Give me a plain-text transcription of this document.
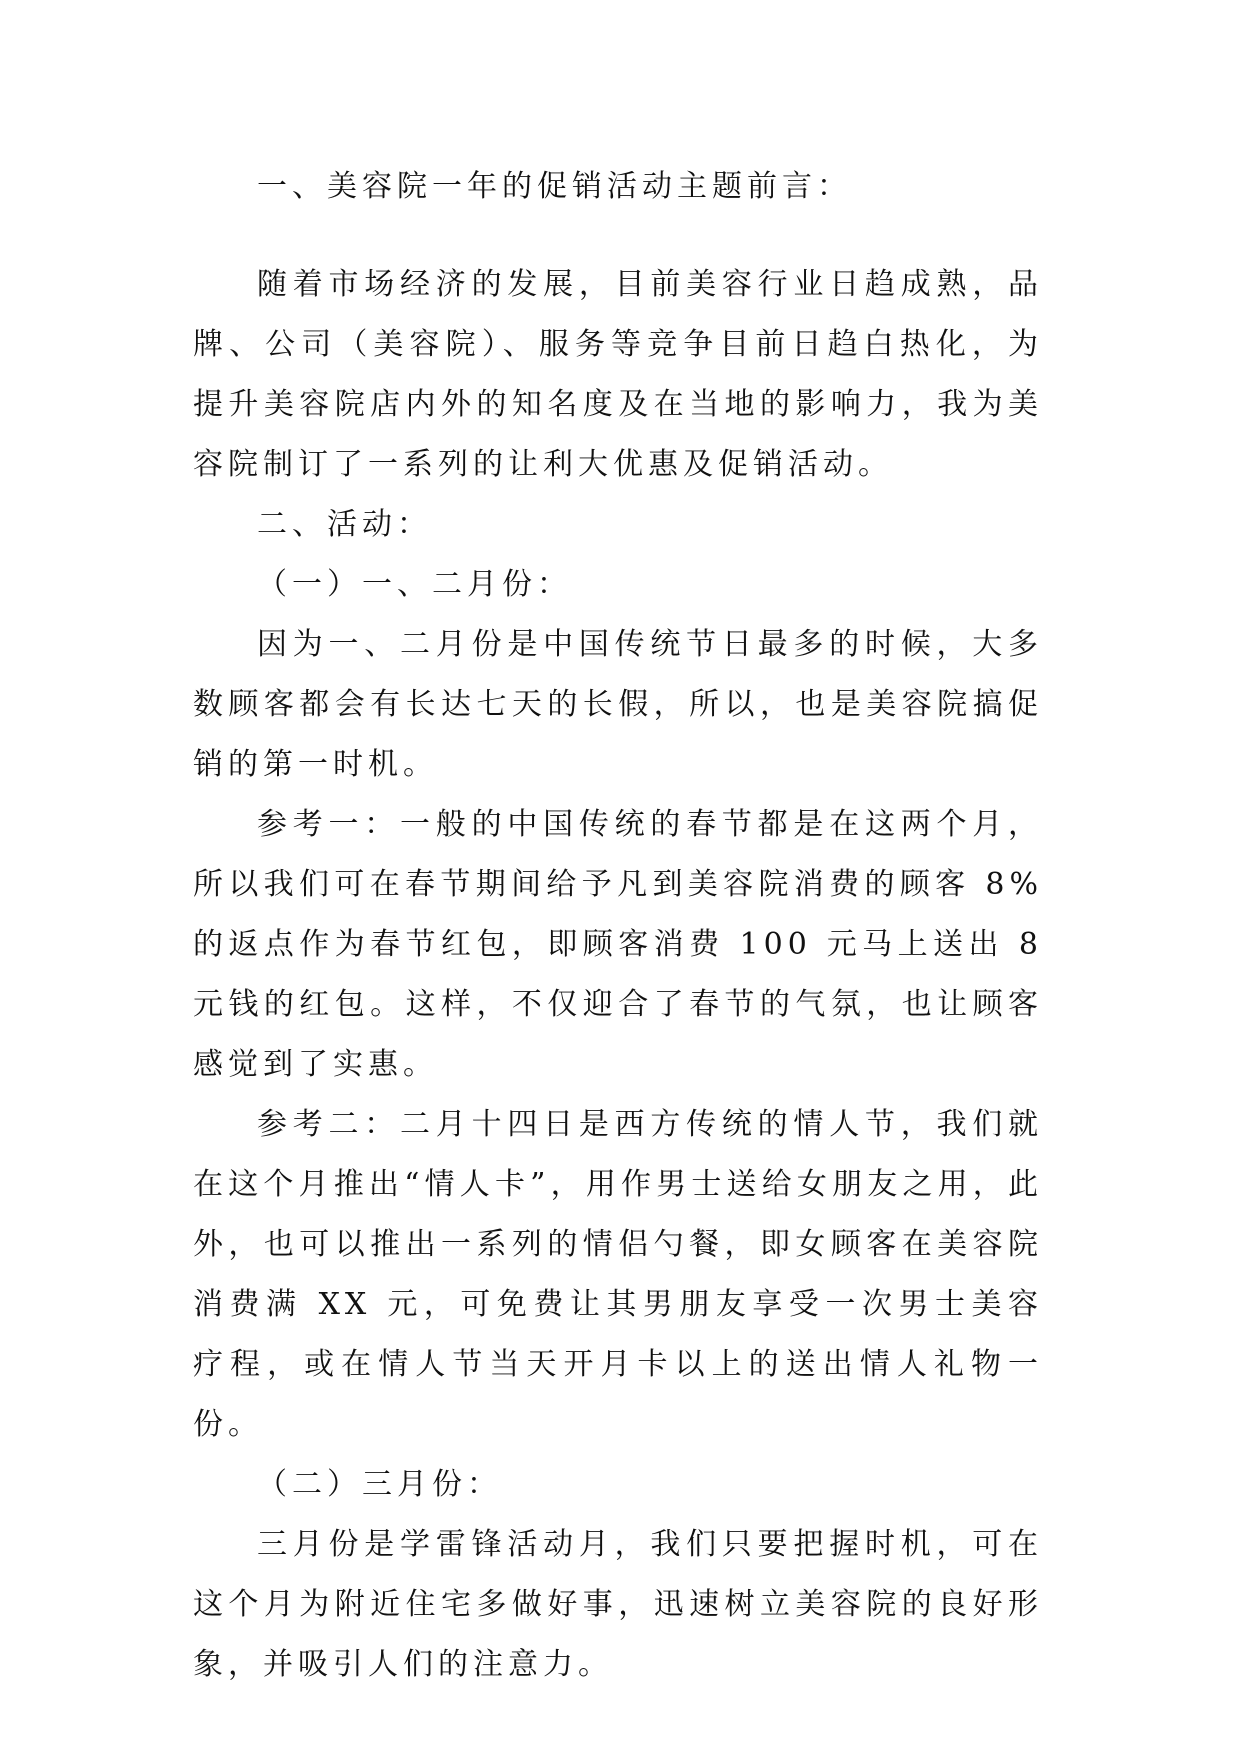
一、美容院一年的促销活动主题前言：

随着市场经济的发展，目前美容行业日趋成熟，品牌、公司（美容院）、服务等竞争目前日趋白热化，为提升美容院店内外的知名度及在当地的影响力，我为美容院制订了一系列的让利大优惠及促销活动。

二、活动：

（一）一、二月份：

因为一、二月份是中国传统节日最多的时候，大多数顾客都会有长达七天的长假，所以，也是美容院搞促销的第一时机。

参考一：一般的中国传统的春节都是在这两个月，所以我们可在春节期间给予凡到美容院消费的顾客 8%的返点作为春节红包，即顾客消费 100 元马上送出 8 元钱的红包。这样，不仅迎合了春节的气氛，也让顾客感觉到了实惠。

参考二：二月十四日是西方传统的情人节，我们就在这个月推出“情人卡”，用作男士送给女朋友之用，此外，也可以推出一系列的情侣勺餐，即女顾客在美容院消费满 XX 元，可免费让其男朋友享受一次男士美容疗程，或在情人节当天开月卡以上的送出情人礼物一份。

（二）三月份：

三月份是学雷锋活动月，我们只要把握时机，可在这个月为附近住宅多做好事，迅速树立美容院的良好形象，并吸引人们的注意力。
